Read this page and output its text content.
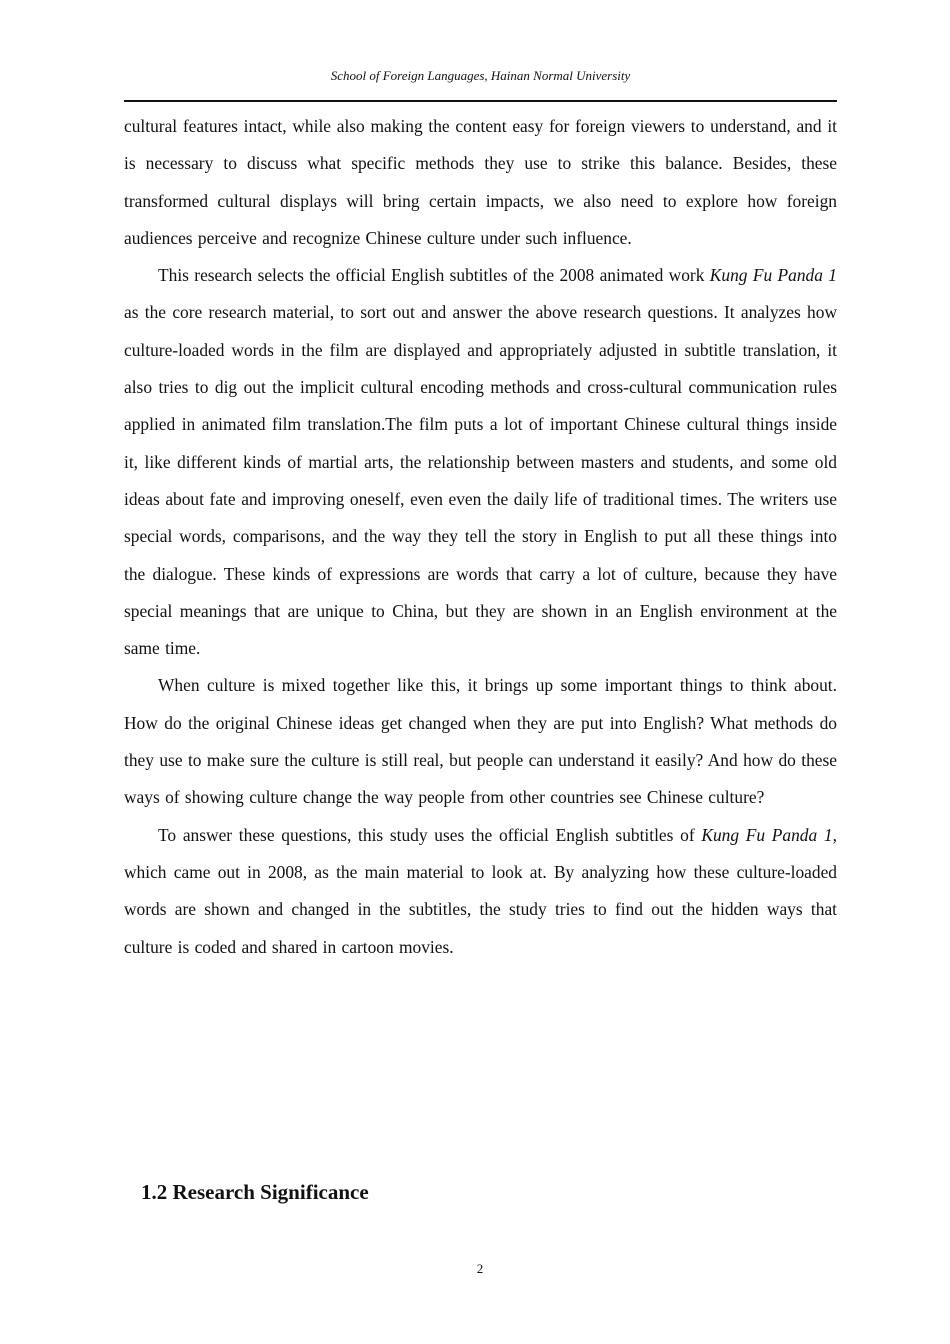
School of Foreign Languages, Hainan Normal University

cultural features intact, while also making the content easy for foreign viewers to understand, and it is necessary to discuss what specific methods they use to strike this balance. Besides, these transformed cultural displays will bring certain impacts, we also need to explore how foreign audiences perceive and recognize Chinese culture under such influence.

This research selects the official English subtitles of the 2008 animated work Kung Fu Panda 1 as the core research material, to sort out and answer the above research questions. It analyzes how culture-loaded words in the film are displayed and appropriately adjusted in subtitle translation, it also tries to dig out the implicit cultural encoding methods and cross-cultural communication rules applied in animated film translation.The film puts a lot of important Chinese cultural things inside it, like different kinds of martial arts, the relationship between masters and students, and some old ideas about fate and improving oneself, even even the daily life of traditional times. The writers use special words, comparisons, and the way they tell the story in English to put all these things into the dialogue. These kinds of expressions are words that carry a lot of culture, because they have special meanings that are unique to China, but they are shown in an English environment at the same time.

When culture is mixed together like this, it brings up some important things to think about. How do the original Chinese ideas get changed when they are put into English? What methods do they use to make sure the culture is still real, but people can understand it easily? And how do these ways of showing culture change the way people from other countries see Chinese culture?

To answer these questions, this study uses the official English subtitles of Kung Fu Panda 1, which came out in 2008, as the main material to look at. By analyzing how these culture-loaded words are shown and changed in the subtitles, the study tries to find out the hidden ways that culture is coded and shared in cartoon movies.

1.2 Research Significance
2
